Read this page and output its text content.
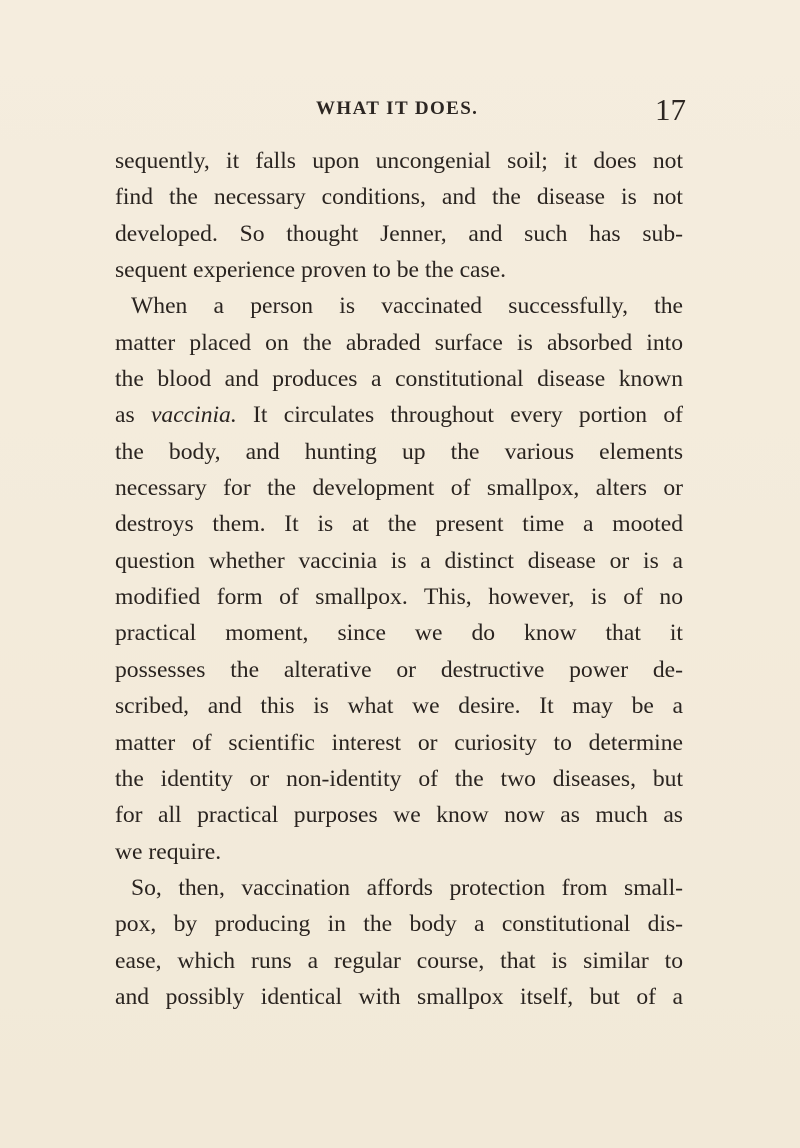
WHAT IT DOES.	17
sequently, it falls upon uncongenial soil; it does not
find the necessary conditions, and the disease is not
developed. So thought Jenner, and such has sub-
sequent experience proven to be the case.
When a person is vaccinated successfully, the
matter placed on the abraded surface is absorbed into
the blood and produces a constitutional disease known
as vaccinia. It circulates throughout every portion of
the body, and hunting up the various elements
necessary for the development of smallpox, alters or
destroys them. It is at the present time a mooted
question whether vaccinia is a distinct disease or is a
modified form of smallpox. This, however, is of no
practical moment, since we do know that it
possesses the alterative or destructive power de-
scribed, and this is what we desire. It may be a
matter of scientific interest or curiosity to determine
the identity or non-identity of the two diseases, but
for all practical purposes we know now as much as
we require.
So, then, vaccination affords protection from small-
pox, by producing in the body a constitutional dis-
ease, which runs a regular course, that is similar to
and possibly identical with smallpox itself, but of a
